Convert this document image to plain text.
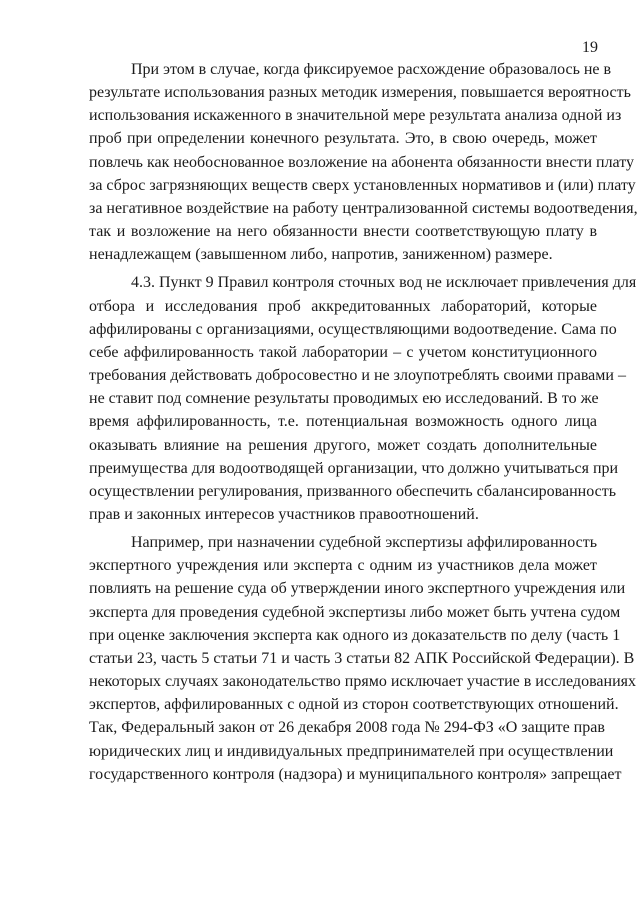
19
При этом в случае, когда фиксируемое расхождение образовалось не в
результате использования разных методик измерения, повышается вероятность
использования искаженного в значительной мере результата анализа одной из
проб при определении конечного результата. Это, в свою очередь, может
повлечь как необоснованное возложение на абонента обязанности внести плату
за сброс загрязняющих веществ сверх установленных нормативов и (или) плату
за негативное воздействие на работу централизованной системы водоотведения,
так и возложение на него обязанности внести соответствующую плату в
ненадлежащем (завышенном либо, напротив, заниженном) размере.
4.3. Пункт 9 Правил контроля сточных вод не исключает привлечения для
отбора и исследования проб аккредитованных лабораторий, которые
аффилированы с организациями, осуществляющими водоотведение. Сама по
себе аффилированность такой лаборатории – с учетом конституционного
требования действовать добросовестно и не злоупотреблять своими правами –
не ставит под сомнение результаты проводимых ею исследований. В то же
время аффилированность, т.е. потенциальная возможность одного лица
оказывать влияние на решения другого, может создать дополнительные
преимущества для водоотводящей организации, что должно учитываться при
осуществлении регулирования, призванного обеспечить сбалансированность
прав и законных интересов участников правоотношений.
Например, при назначении судебной экспертизы аффилированность
экспертного учреждения или эксперта с одним из участников дела может
повлиять на решение суда об утверждении иного экспертного учреждения или
эксперта для проведения судебной экспертизы либо может быть учтена судом
при оценке заключения эксперта как одного из доказательств по делу (часть 1
статьи 23, часть 5 статьи 71 и часть 3 статьи 82 АПК Российской Федерации). В
некоторых случаях законодательство прямо исключает участие в исследованиях
экспертов, аффилированных с одной из сторон соответствующих отношений.
Так, Федеральный закон от 26 декабря 2008 года № 294-ФЗ «О защите прав
юридических лиц и индивидуальных предпринимателей при осуществлении
государственного контроля (надзора) и муниципального контроля» запрещает
